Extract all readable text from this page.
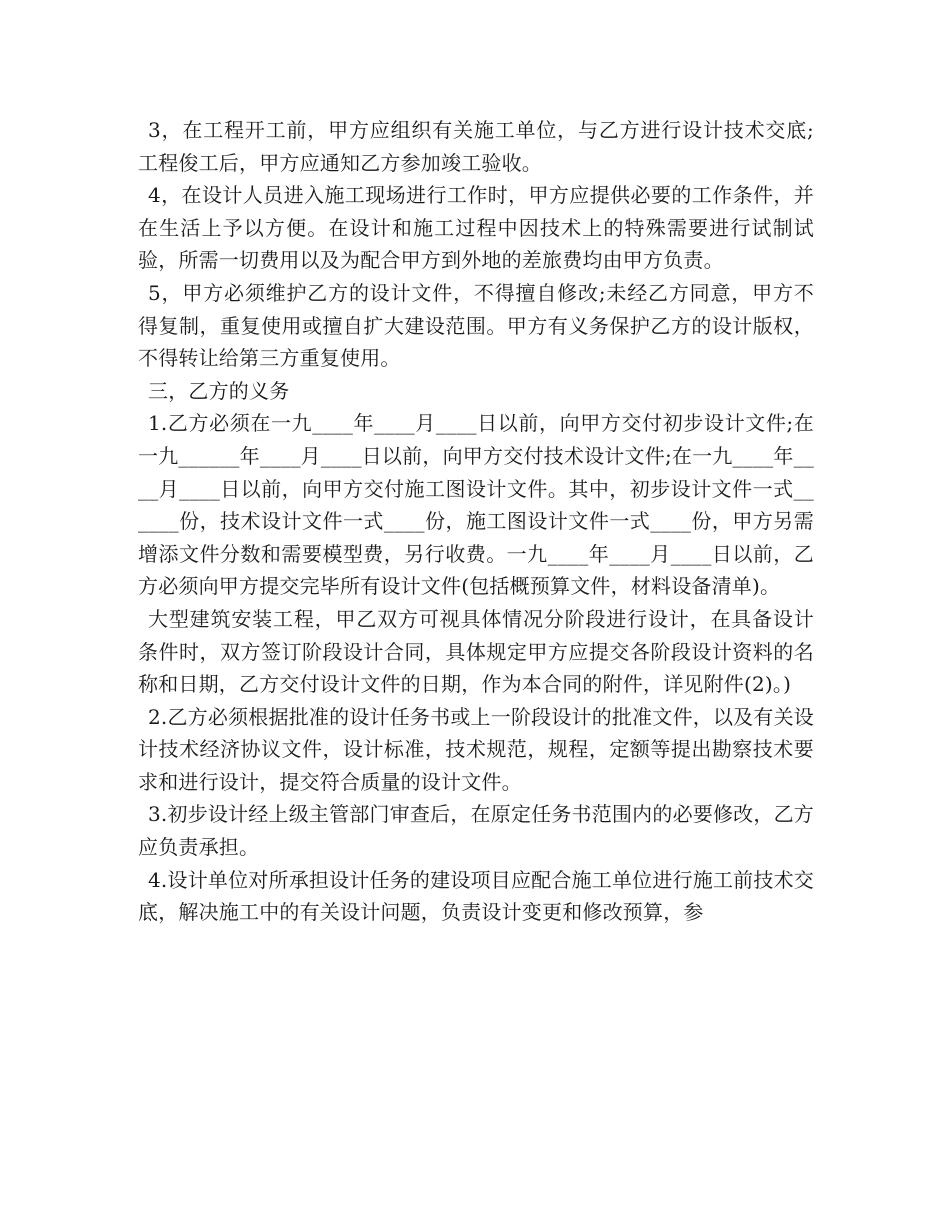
3，在工程开工前，甲方应组织有关施工单位，与乙方进行设计技术交底;工程俊工后，甲方应通知乙方参加竣工验收。

4，在设计人员进入施工现场进行工作时，甲方应提供必要的工作条件，并在生活上予以方便。在设计和施工过程中因技术上的特殊需要进行试制试验，所需一切费用以及为配合甲方到外地的差旅费均由甲方负责。

5，甲方必须维护乙方的设计文件，不得擅自修改;未经乙方同意，甲方不得复制，重复使用或擅自扩大建设范围。甲方有义务保护乙方的设计版权，不得转让给第三方重复使用。

三，乙方的义务

1.乙方必须在一九____年____月____日以前，向甲方交付初步设计文件;在一九______年____月____日以前，向甲方交付技术设计文件;在一九____年____月____日以前，向甲方交付施工图设计文件。其中，初步设计文件一式______份，技术设计文件一式____份，施工图设计文件一式____份，甲方另需增添文件分数和需要模型费，另行收费。一九____年____月____日以前，乙方必须向甲方提交完毕所有设计文件(包括概预算文件，材料设备清单)。

大型建筑安装工程，甲乙双方可视具体情况分阶段进行设计，在具备设计条件时，双方签订阶段设计合同，具体规定甲方应提交各阶段设计资料的名称和日期，乙方交付设计文件的日期，作为本合同的附件，详见附件(2)。)

2.乙方必须根据批准的设计任务书或上一阶段设计的批准文件，以及有关设计技术经济协议文件，设计标准，技术规范，规程，定额等提出勘察技术要求和进行设计，提交符合质量的设计文件。

3.初步设计经上级主管部门审查后，在原定任务书范围内的必要修改，乙方应负责承担。

4.设计单位对所承担设计任务的建设项目应配合施工单位进行施工前技术交底，解决施工中的有关设计问题，负责设计变更和修改预算，参
